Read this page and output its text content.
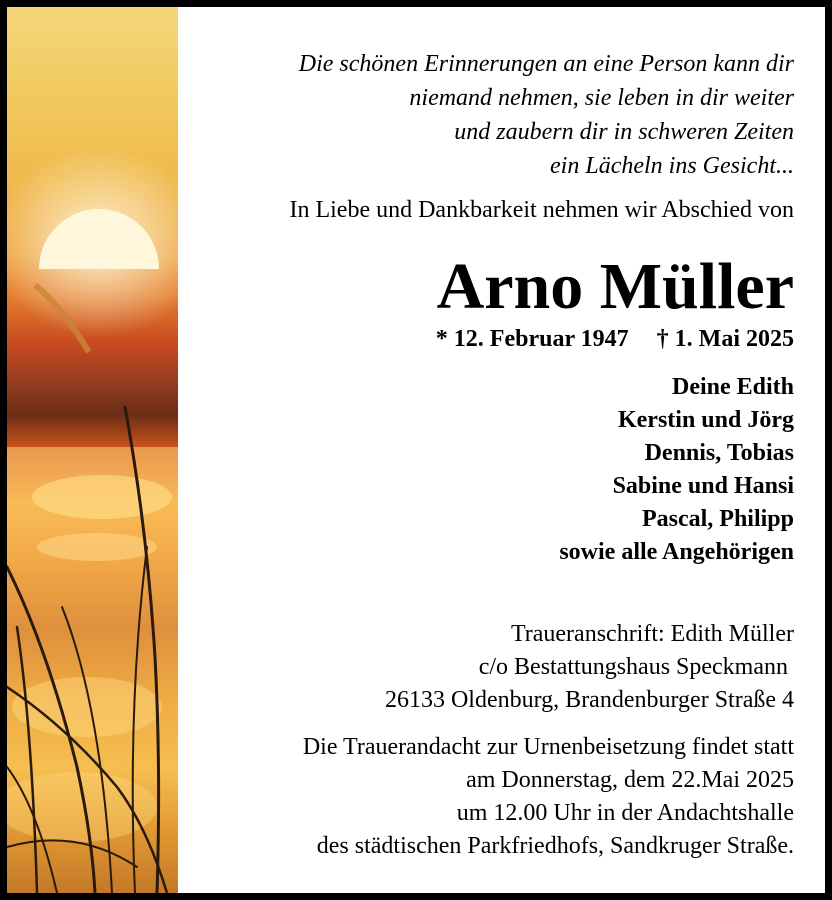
Die schönen Erinnerungen an eine Person kann dir
niemand nehmen, sie leben in dir weiter
und zaubern dir in schweren Zeiten
ein Lächeln ins Gesicht...
In Liebe und Dankbarkeit nehmen wir Abschied von
Arno Müller
* 12. Februar 1947 † 1. Mai 2025
Deine Edith
Kerstin und Jörg
Dennis, Tobias
Sabine und Hansi
Pascal, Philipp
sowie alle Angehörigen
Traueranschrift: Edith Müller
c/o Bestattungshaus Speckmann
26133 Oldenburg, Brandenburger Straße 4
Die Trauerandacht zur Urnenbeisetzung findet statt
am Donnerstag, dem 22.Mai 2025
um 12.00 Uhr in der Andachtshalle
des städtischen Parkfriedhofs, Sandkruger Straße.
